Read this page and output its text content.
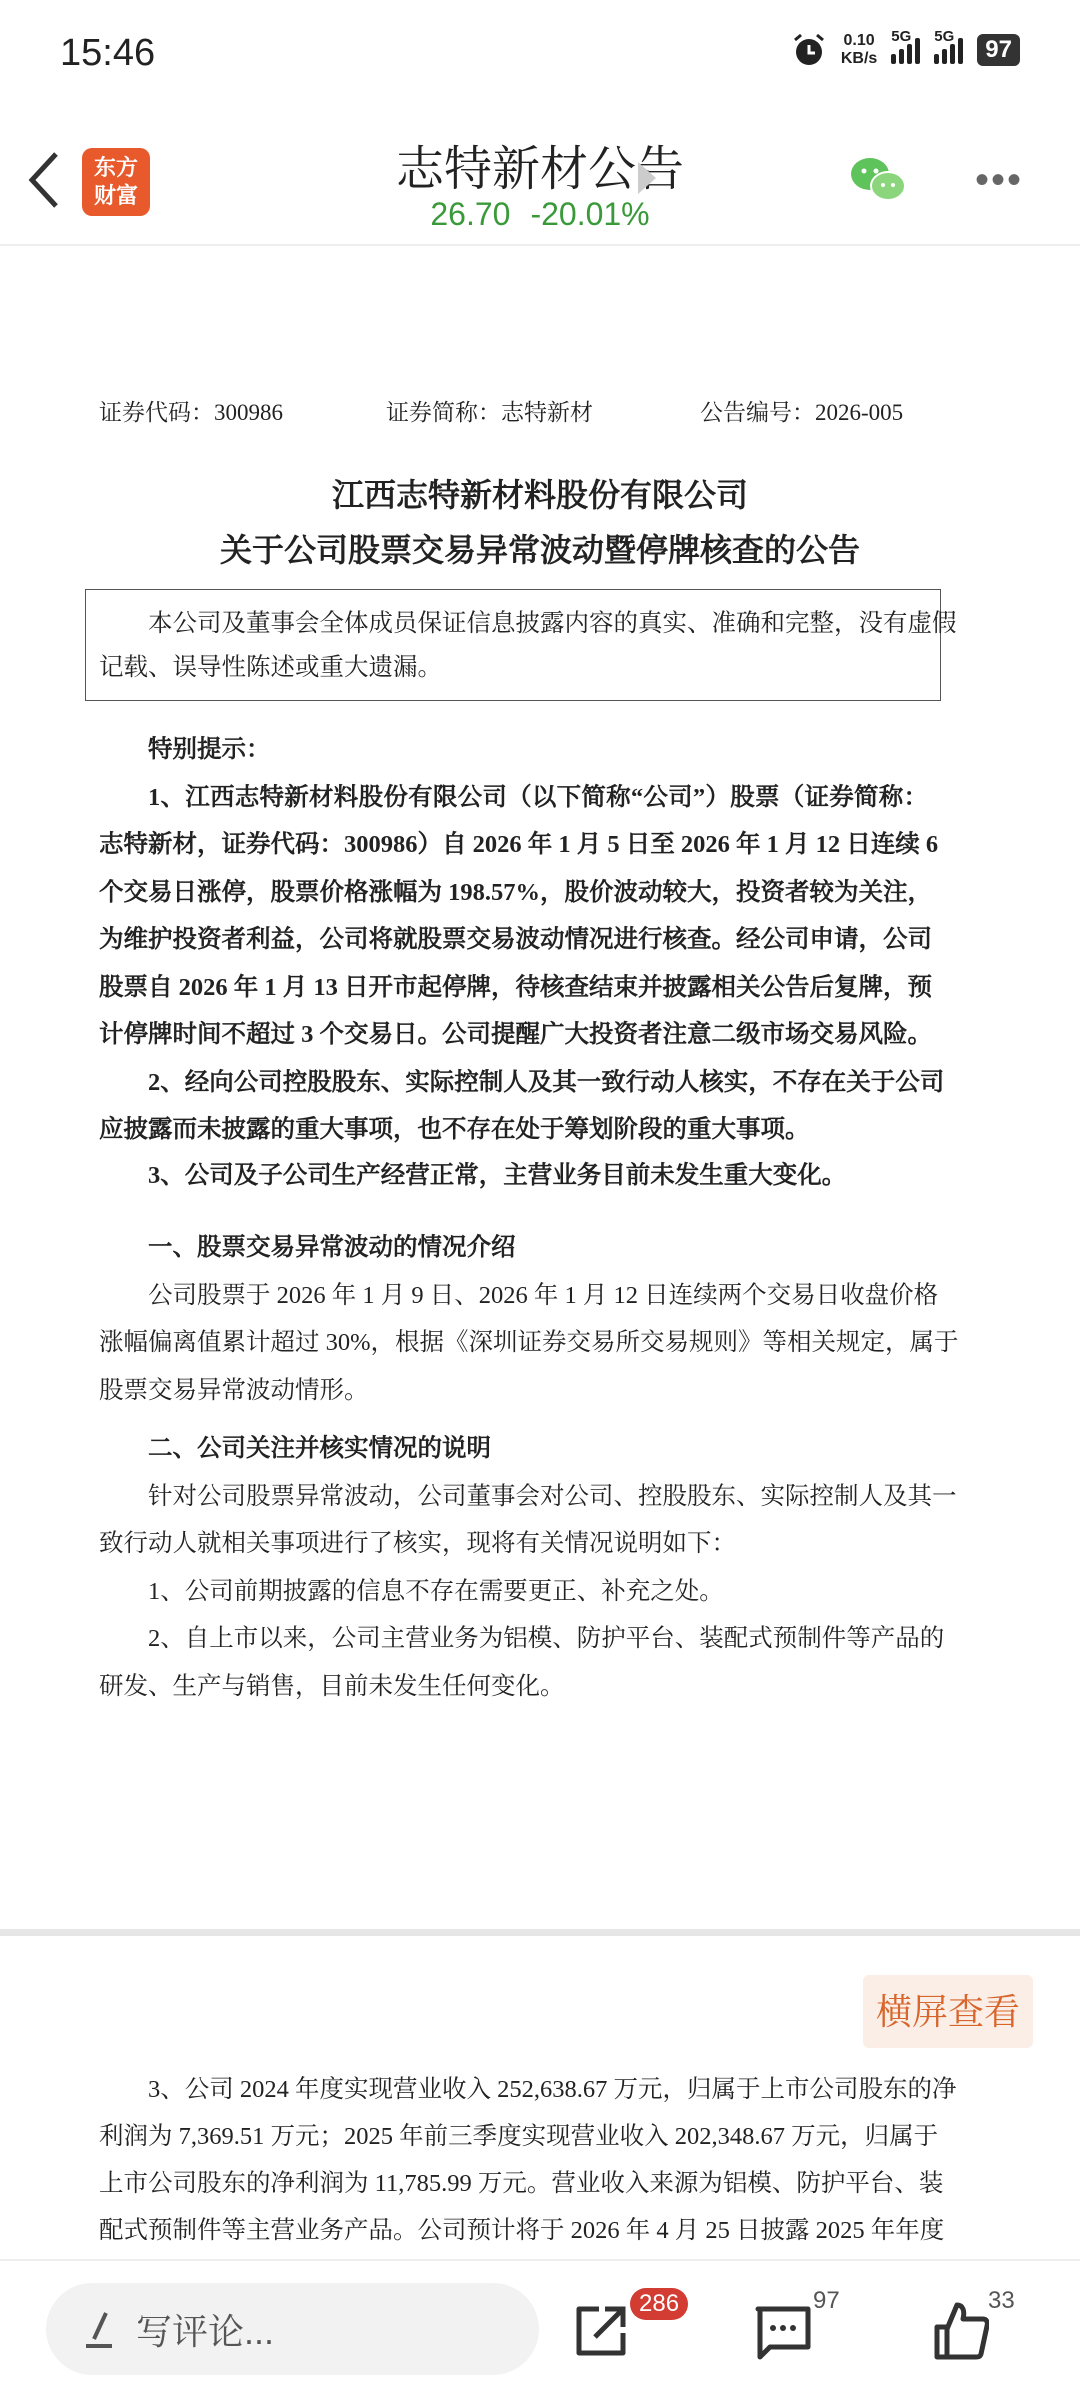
15:46	0.10
KB/s
5G 5G	97
东方
财富	志特新材公告
26.70 -20.01%
•••
证券代码：300986	证券简称：志特新材	公告编号：2026-005
江西志特新材料股份有限公司
关于公司股票交易异常波动暨停牌核查的公告
本公司及董事会全体成员保证信息披露内容的真实、准确和完整，没有虚假
记载、误导性陈述或重大遗漏。
特别提示：
1、江西志特新材料股份有限公司（以下简称“公司”）股票（证券简称：
志特新材，证券代码：300986）自 2026 年 1 月 5 日至 2026 年 1 月 12 日连续 6
个交易日涨停，股票价格涨幅为 198.57%，股价波动较大，投资者较为关注，
为维护投资者利益，公司将就股票交易波动情况进行核查。经公司申请，公司
股票自 2026 年 1 月 13 日开市起停牌，待核查结束并披露相关公告后复牌，预
计停牌时间不超过 3 个交易日。公司提醒广大投资者注意二级市场交易风险。
2、经向公司控股股东、实际控制人及其一致行动人核实，不存在关于公司
应披露而未披露的重大事项，也不存在处于筹划阶段的重大事项。
3、公司及子公司生产经营正常，主营业务目前未发生重大变化。
一、股票交易异常波动的情况介绍
公司股票于 2026 年 1 月 9 日、2026 年 1 月 12 日连续两个交易日收盘价格
涨幅偏离值累计超过 30%，根据《深圳证券交易所交易规则》等相关规定，属于
股票交易异常波动情形。
二、公司关注并核实情况的说明
针对公司股票异常波动，公司董事会对公司、控股股东、实际控制人及其一
致行动人就相关事项进行了核实，现将有关情况说明如下：
1、公司前期披露的信息不存在需要更正、补充之处。
2、自上市以来，公司主营业务为铝模、防护平台、装配式预制件等产品的
研发、生产与销售，目前未发生任何变化。
3、公司 2024 年度实现营业收入 252,638.67 万元，归属于上市公司股东的净
利润为 7,369.51 万元；2025 年前三季度实现营业收入 202,348.67 万元，归属于
上市公司股东的净利润为 11,785.99 万元。营业收入来源为铝模、防护平台、装
配式预制件等主营业务产品。公司预计将于 2026 年 4 月 25 日披露 2025 年年度
横屏查看
写评论...
286	97	33
